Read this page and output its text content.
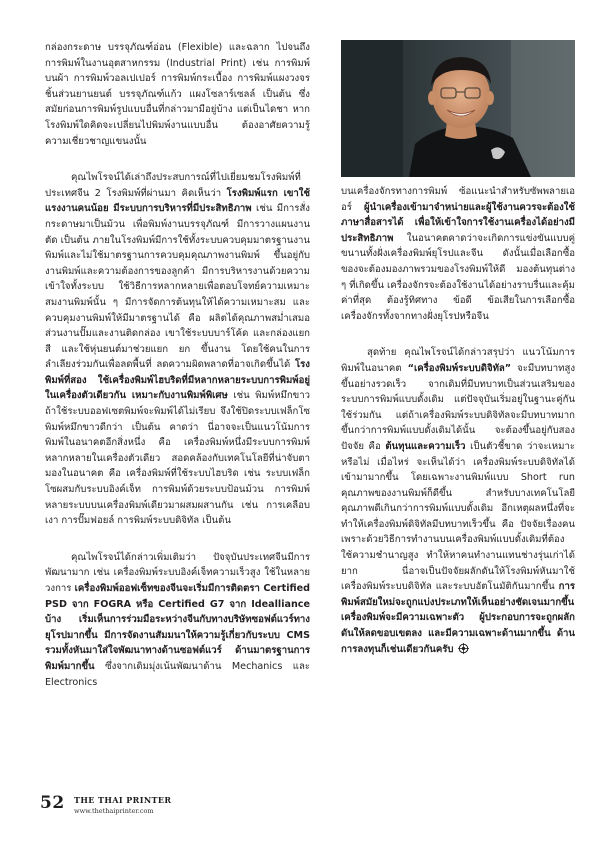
กล่องกระดาษ บรรจุภัณฑ์อ่อน (Flexible) และฉลาก ไปจนถึงการพิมพ์ในงานอุตสาหกรรม (Industrial Print) เช่น การพิมพ์บนผ้า การพิมพ์วอลเปเปอร์ การพิมพ์กระเบื้อง การพิมพ์แผงวงจร ชิ้นส่วนยานยนต์ บรรจุภัณฑ์แก้ว แผงโซลาร์เซลล์ เป็นต้น ซึ่งสมัยก่อนการพิมพ์รูปแบบอื่นที่กล่าวมามีอยู่บ้าง แต่เป็นไดชา หากโรงพิมพ์ใดคิดจะเปลี่ยนไปพิมพ์งานแบบอื่น ต้องอาศัยความรู้ ความเชี่ยวชาญแขนงนั้น

คุณไพโรจน์ได้เล่าถึงประสบการณ์ที่ไปเยี่ยมชมโรงพิมพ์ที่ประเทศจีน 2 โรงพิมพ์ที่ผ่านมา คิดเห็นว่า โรงพิมพ์แรก เขาใช้แรงงานคนน้อย มีระบบการบริหารที่มีประสิทธิภาพ เช่น มีการสั่งกระดาษมาเป็นม้วน เพื่อพิมพ์งานบรรจุภัณฑ์ มีการวางแผนงานตัด เป็นต้น ภายในโรงพิมพ์มีการใช้ทั้งระบบควบคุมมาตรฐานงานพิมพ์และไม่ใช้มาตรฐานการควบคุมคุณภาพงานพิมพ์ ขึ้นอยู่กับงานพิมพ์และความต้องการของลูกค้า มีการบริหารงานด้วยความเข้าใจทั้งระบบ ใช้วิธีการหลากหลายเพื่อตอบโจทย์ความเหมาะสมงานพิมพ์นั้น ๆ มีการจัดการต้นทุนให้ได้ความเหมาะสม และควบคุมงานพิมพ์ให้มีมาตรฐานได้ คือ ผลิตได้คุณภาพสม่ำเสมอ ส่วนงานปั๊มและงานติดกล่อง เขาใช้ระบบบาร์โค้ด และกล่องแยกสี และใช้หุ่นยนต์มาช่วยแยก ยก ขึ้นงาน โดยใช้คนในการลำเลียงร่วมกันเพื่อลดพื้นที่ ลดความผิดพลาดที่อาจเกิดขึ้นได้ โรงพิมพ์ที่สอง ใช้เครื่องพิมพ์ไฮบริดที่มีหลากหลายระบบการพิมพ์อยู่ในเครื่องตัวเดียวกัน เหมาะกับงานพิมพ์พิเศษ เช่น พิมพ์หมึกขาว ถ้าใช้ระบบออฟเซตพิมพ์จะพิมพ์ได้ไม่เรียบ จึงใช้ปิดระบบเฟล็กโซพิมพ์หมึกขาวดีกว่า เป็นต้น คาดว่า นี่อาจจะเป็นแนวโน้มการพิมพ์ในอนาคตอีกสิ่งหนึ่ง คือ เครื่องพิมพ์หนึ่งมีระบบการพิมพ์หลากหลายในเครื่องตัวเดียว สอดคล้องกับเทคโนโลยีที่น่าจับตามองในอนาคต คือ เครื่องพิมพ์ที่ใช้ระบบไฮบริด เช่น ระบบเฟล็กโซผสมกับระบบอิงค์เจ็ท การพิมพ์ด้วยระบบป้อนม้วน การพิมพ์หลายระบบบนเครื่องพิมพ์เดียวมาผสมผสานกัน เช่น การเคลือบเงา การปั๊มฟอยล์ การพิมพ์ระบบดิจิทัล เป็นต้น

คุณไพโรจน์ได้กล่าวเพิ่มเติมว่า ปัจจุบันประเทศจีนมีการพัฒนามาก เช่น เครื่องพิมพ์ระบบอิงค์เจ็ทความเร็วสูง ใช้ในหลายวงการ เครื่องพิมพ์ออฟเซ็ทของจีนจะเริ่มมีการติดตรา Certified PSD จาก FOGRA หรือ Certified G7 จาก Idealliance บ้าง เริ่มเห็นการร่วมมือระหว่างจีนกับทางบริษัทซอฟต์แวร์ทางยุโรปมากขึ้น มีการจัดงานสัมมนาให้ความรู้เกี่ยวกับระบบ CMS รวมทั้งหันมาใส่ใจพัฒนาทางด้านซอฟต์แวร์ ด้านมาตรฐานการพิมพ์มากขึ้น ซึ่งจากเดิมมุ่งเน้นพัฒนาด้าน Mechanics และ Electronics

บนเครื่องจักรทางการพิมพ์ ซ้อแนะนำสำหรับซัพพลายเออร์ ผู้นำเครื่องเข้ามาจำหน่ายและผู้ใช้งานควรจะต้องใช้ภาษาสื่อสารได้ เพื่อให้เข้าใจการใช้งานเครื่องได้อย่างมีประสิทธิภาพ ในอนาคตคาดว่าจะเกิดการแข่งขันแบบคู่ขนานทั้งฝั่งเครื่องพิมพ์ยุโรปและจีน ดังนั้นเมื่อเลือกซื้อของจะต้องมองภาพรวมของโรงพิมพ์ให้ดี มองต้นทุนต่าง ๆ ที่เกิดขึ้น เครื่องจักรจะต้องใช้งานได้อย่างราบรื่นและคุ้มค่าที่สุด ต้องรู้ทิศทาง ข้อดี ข้อเสียในการเลือกซื้อเครื่องจักรทั้งจากทางฝั่งยุโรปหรือจีน

สุดท้าย คุณไพโรจน์ได้กล่าวสรุปว่า แนวโน้มการพิมพ์ในอนาคต “เครื่องพิมพ์ระบบดิจิทัล” จะมีบทบาทสูงขึ้นอย่างรวดเร็ว จากเดิมที่มีบทบาทเป็นส่วนเสริมของระบบการพิมพ์แบบดั้งเดิม แต่ปัจจุบันเริ่มอยู่ในฐานะคู่กัน ใช้ร่วมกัน แต่ถ้าเครื่องพิมพ์ระบบดิจิทัลจะมีบทบาทมากขึ้นกว่าการพิมพ์แบบดั้งเดิมได้นั้น จะต้องขึ้นอยู่กับสองปัจจัย คือ ต้นทุนและความเร็ว เป็นตัวชี้ขาด ว่าจะเหมาะหรือไม่ เมื่อไหร่ จะเห็นได้ว่า เครื่องพิมพ์ระบบดิจิทัลได้เข้ามามากขึ้น โดยเฉพาะงานพิมพ์แบบ Short run คุณภาพของงานพิมพ์ก็ดีขึ้น สำหรับบางเทคโนโลยีคุณภาพดีเกินกว่าการพิมพ์แบบดั้งเดิม อีกเหตุผลหนึ่งที่จะทำให้เครื่องพิมพ์ดิจิทัลมีบทบาทเร็วขึ้น คือ ปัจจัยเรื่องคน เพราะด้วยวิธีการทำงานบนเครื่องพิมพ์แบบดั้งเดิมที่ต้องใช้ความชำนาญสูง ทำให้หาคนทำงานแทนช่างรุ่นเก่าได้ยาก นี่อาจเป็นปัจจัยผลักดันให้โรงพิมพ์หันมาใช้เครื่องพิมพ์ระบบดิจิทัล และระบบอัตโนมัติกันมากขึ้น การพิมพ์สมัยใหม่จะถูกแบ่งประเภทให้เห็นอย่างชัดเจนมากขึ้น เครื่องพิมพ์จะมีความเฉพาะตัว ผู้ประกอบการจะถูกผลักดันให้ลดขอบเขตลง และมีความเฉพาะด้านมากขึ้น ด้านการลงทุนก็เช่นเดียวกันครับ

52 THE THAI PRINTER
www.thethaiprinter.com
